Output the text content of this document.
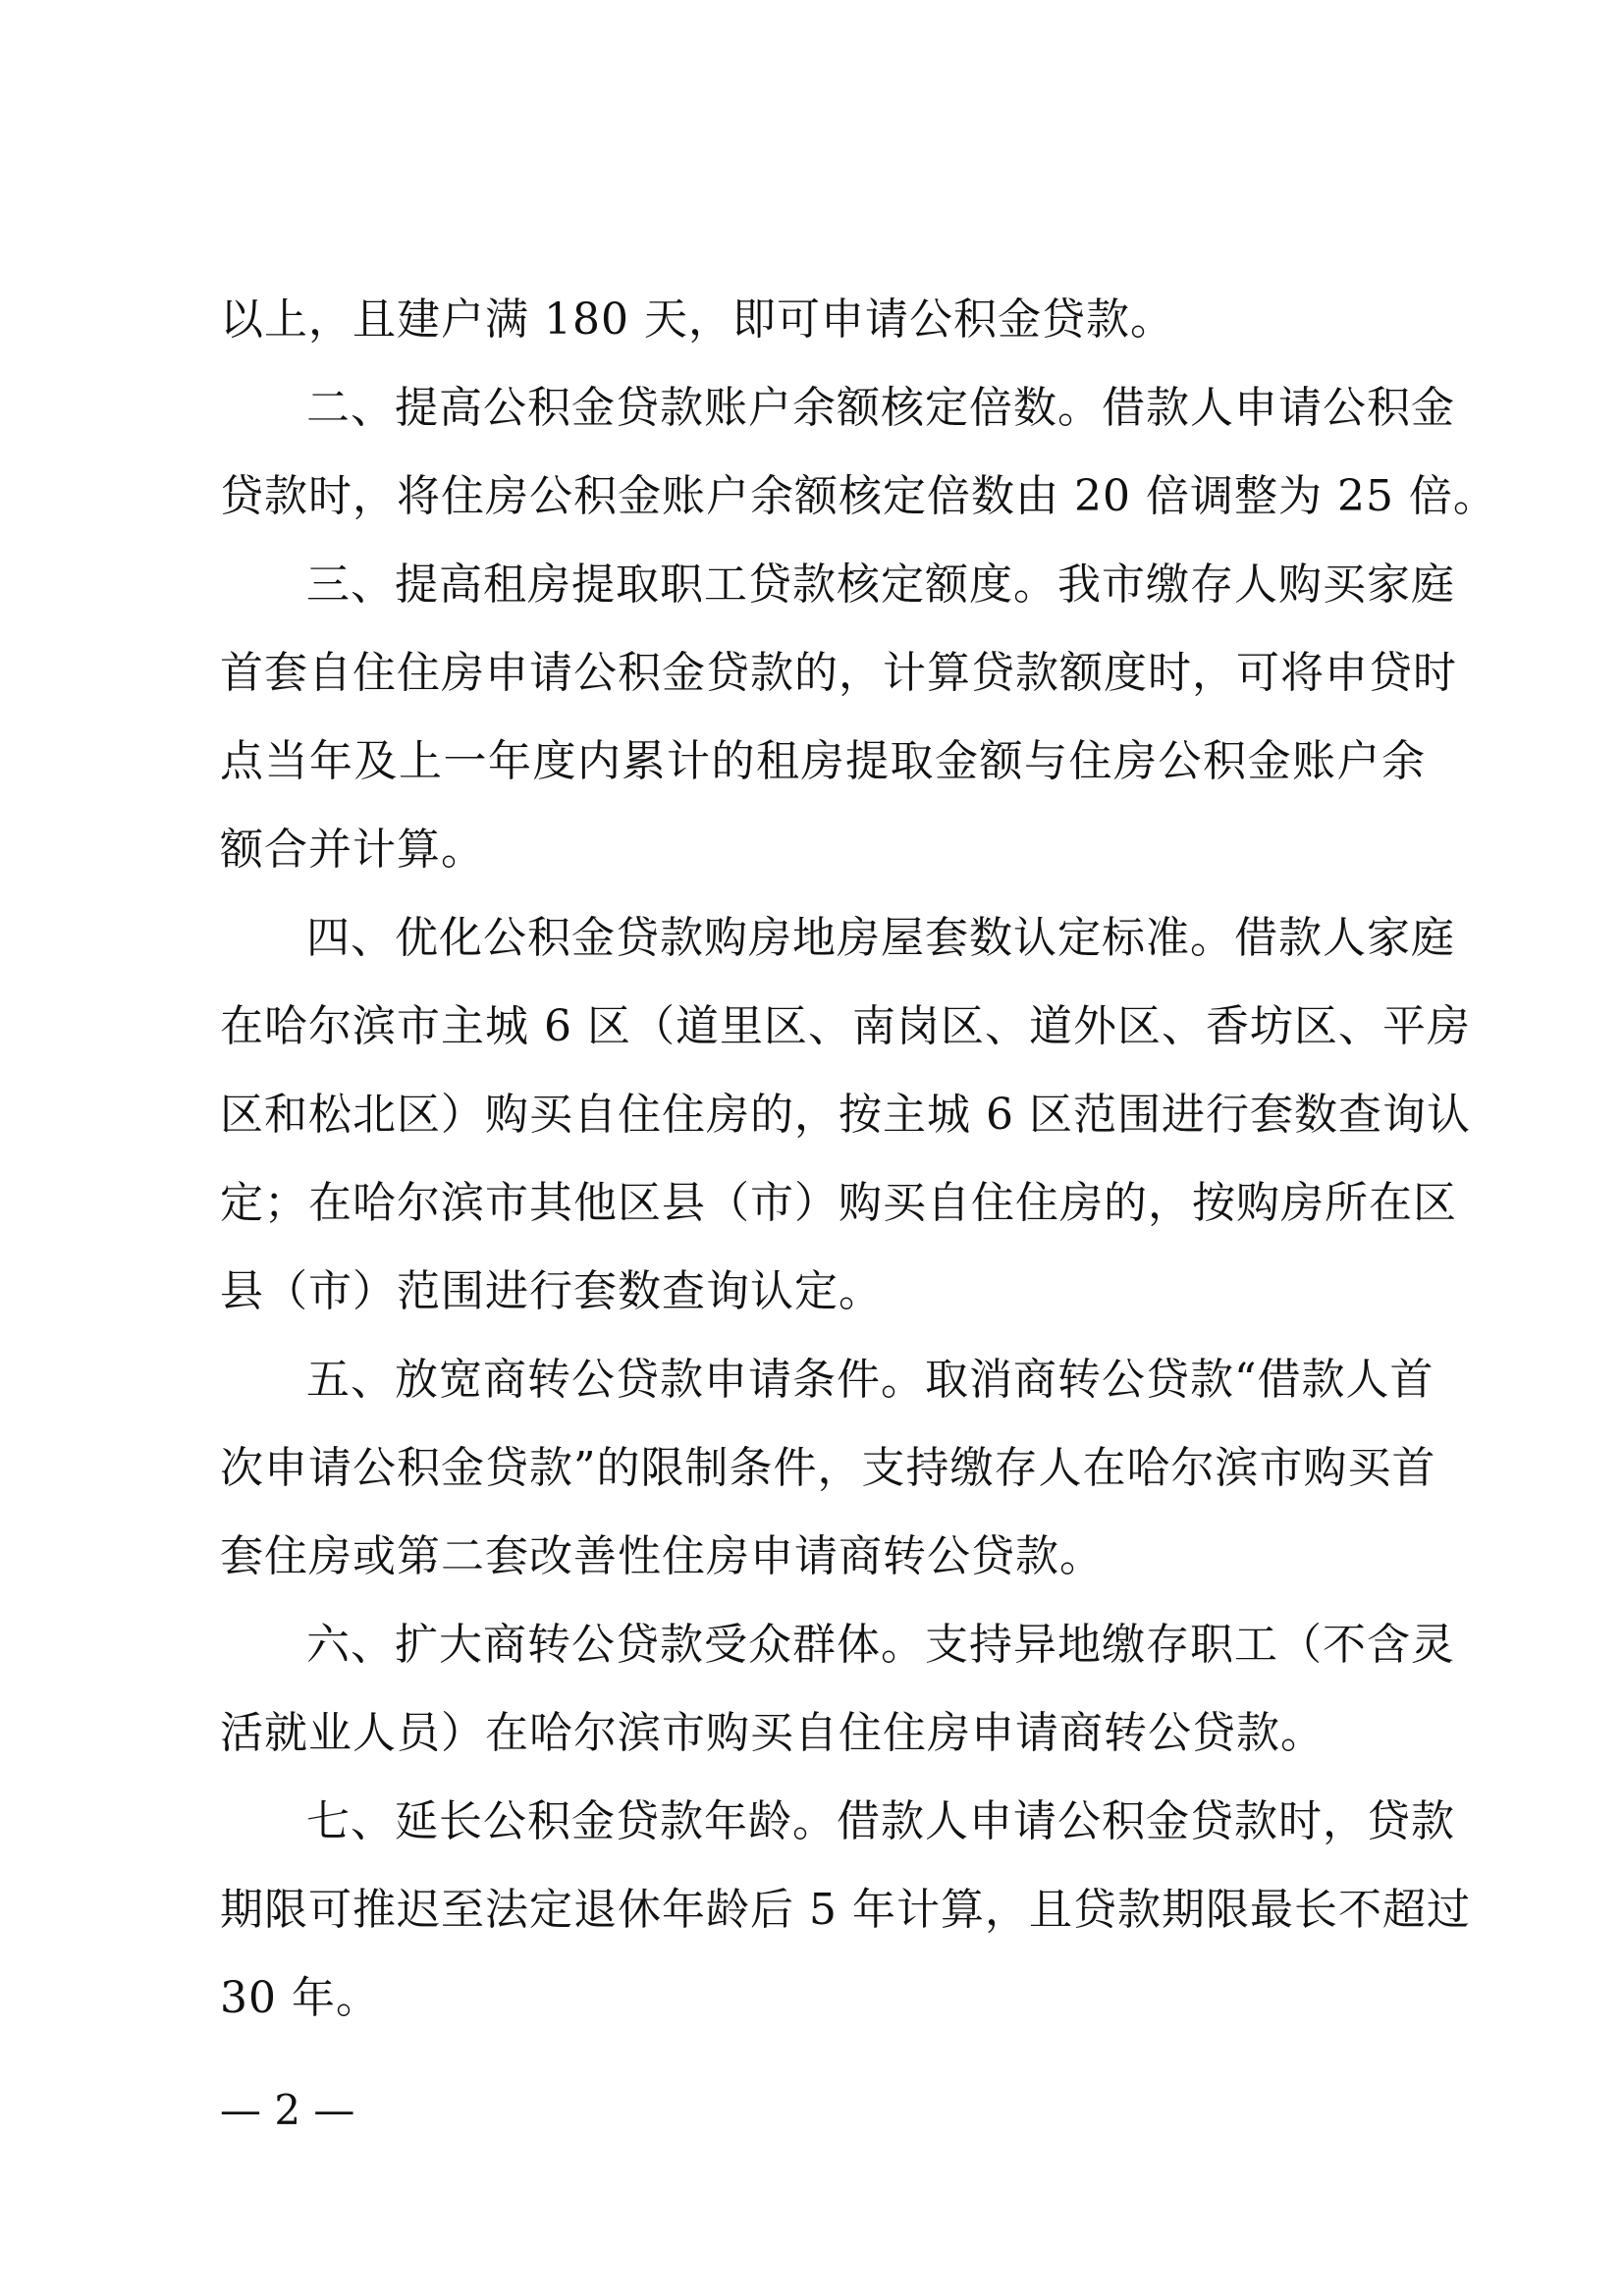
以上，且建户满 180 天，即可申请公积金贷款。
二、提高公积金贷款账户余额核定倍数。借款人申请公积金
贷款时，将住房公积金账户余额核定倍数由 20 倍调整为 25 倍。
三、提高租房提取职工贷款核定额度。我市缴存人购买家庭
首套自住住房申请公积金贷款的，计算贷款额度时，可将申贷时
点当年及上一年度内累计的租房提取金额与住房公积金账户余
额合并计算。
四、优化公积金贷款购房地房屋套数认定标准。借款人家庭
在哈尔滨市主城 6 区（道里区、南岗区、道外区、香坊区、平房
区和松北区）购买自住住房的，按主城 6 区范围进行套数查询认
定；在哈尔滨市其他区县（市）购买自住住房的，按购房所在区
县（市）范围进行套数查询认定。
五、放宽商转公贷款申请条件。取消商转公贷款“借款人首
次申请公积金贷款”的限制条件，支持缴存人在哈尔滨市购买首
套住房或第二套改善性住房申请商转公贷款。
六、扩大商转公贷款受众群体。支持异地缴存职工（不含灵
活就业人员）在哈尔滨市购买自住住房申请商转公贷款。
七、延长公积金贷款年龄。借款人申请公积金贷款时，贷款
期限可推迟至法定退休年龄后 5 年计算，且贷款期限最长不超过
30 年。
— 2 —
